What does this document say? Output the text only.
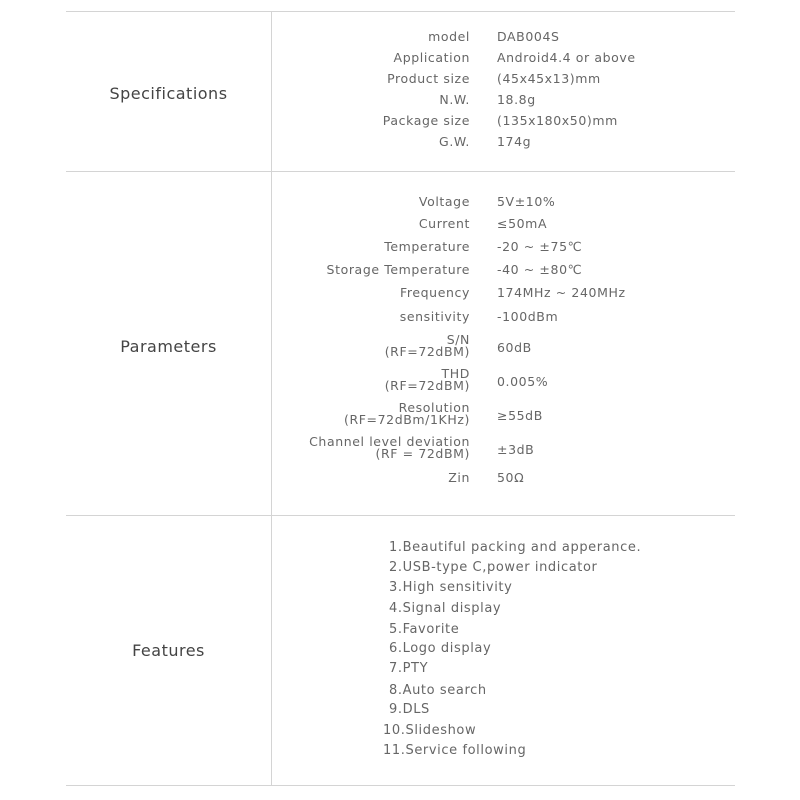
Specifications
model DAB004S
Application Android4.4 or above
Product size (45x45x13)mm
N.W. 18.8g
Package size (135x180x50)mm
G.W. 174g
Parameters
Voltage 5V±10%
Current ≤50mA
Temperature -20 ~ ±75℃
Storage Temperature -40 ~ ±80℃
Frequency 174MHz ~ 240MHz
sensitivity -100dBm
S/N
(RF=72dBM) 60dB
THD
(RF=72dBM) 0.005%
Resolution
(RF=72dBm/1KHz) ≥55dB
Channel level deviation
(RF = 72dBM) ±3dB
Zin 50Ω
Features
1.Beautiful packing and apperance.
2.USB-type C,power indicator
3.High sensitivity
4.Signal display
5.Favorite
6.Logo display
7.PTY
8.Auto search
9.DLS
10.Slideshow
11.Service following
